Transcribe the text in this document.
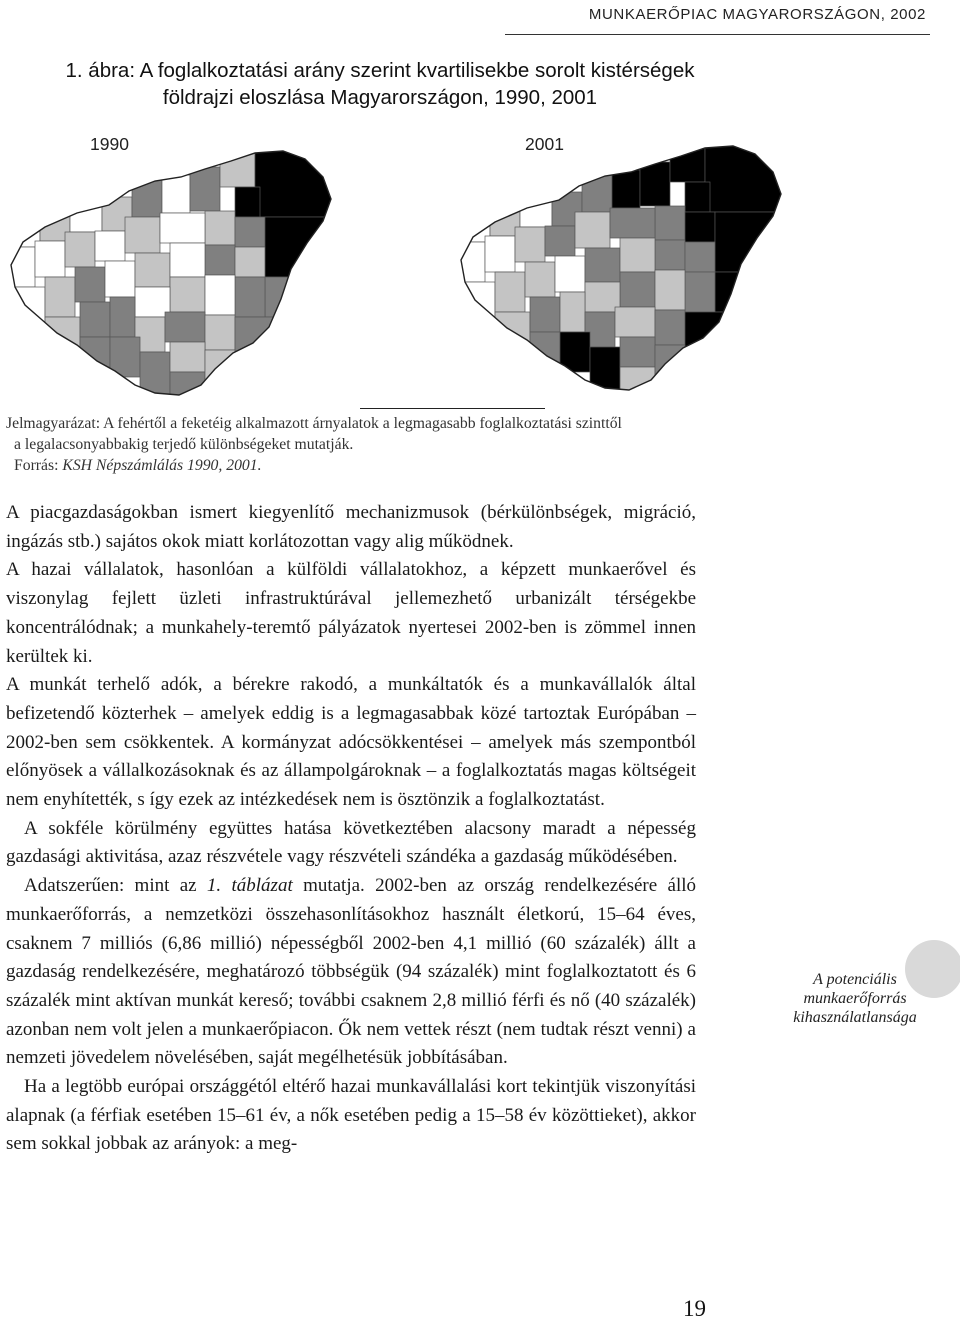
MUNKAERŐPIAC MAGYARORSZÁGON, 2002
1. ábra: A foglalkoztatási arány szerint kvartilisekbe sorolt kistérségek
földrajzi eloszlása Magyarországon, 1990, 2001
1990	2001

Jelmagyarázat: A fehértől a feketéig alkalmazott árnyalatok a legmagasabb foglalkoztatási szinttől

a legalacsonyabbakig terjedő különbségeket mutatják.

Forrás: KSH Népszámlálás 1990, 2001.

A piacgazdaságokban ismert kiegyenlítő mechanizmusok (bérkülönbségek, migráció, ingázás stb.) sajátos okok miatt korlátozottan vagy alig működnek.

A hazai vállalatok, hasonlóan a külföldi vállalatokhoz, a képzett munkaerővel és viszonylag fejlett üzleti infrastruktúrával jellemezhető urbanizált térségekbe koncentrálódnak; a munkahely-teremtő pályázatok nyertesei 2002-ben is zömmel innen kerültek ki.

A munkát terhelő adók, a bérekre rakodó, a munkáltatók és a munkavállalók által befizetendő közterhek – amelyek eddig is a legmagasabbak közé tartoztak Európában – 2002-ben sem csökkentek. A kormányzat adócsökkentései – amelyek más szempontból előnyösek a vállalkozásoknak és az állampolgároknak – a foglalkoztatás magas költségeit nem enyhítették, s így ezek az intézkedések nem is ösztönzik a foglalkoztatást.

A sokféle körülmény együttes hatása következtében alacsony maradt a népesség gazdasági aktivitása, azaz részvétele vagy részvételi szándéka a gazdaság működésében.

Adatszerűen: mint az 1. táblázat mutatja. 2002-ben az ország rendelkezésére álló munkaerőforrás, a nemzetközi összehasonlításokhoz használt életkorú, 15–64 éves, csaknem 7 milliós (6,86 millió) népességből 2002-ben 4,1 millió (60 százalék) állt a gazdaság rendelkezésére, meghatározó többségük (94 százalék) mint foglalkoztatott és 6 százalék mint aktívan munkát kereső; további csaknem 2,8 millió férfi és nő (40 százalék) azonban nem volt jelen a munkaerőpiacon. Ők nem vettek részt (nem tudtak részt venni) a nemzeti jövedelem növelésében, saját megélhetésük jobbításában.

Ha a legtöbb európai országgétól eltérő hazai munkavállalási kort tekintjük viszonyítási alapnak (a férfiak esetében 15–61 év, a nők esetében pedig a 15–58 év közöttieket), akkor sem sokkal jobbak az arányok: a meg-

A potenciális
munkaerőforrás
kihasználatlansága
19
